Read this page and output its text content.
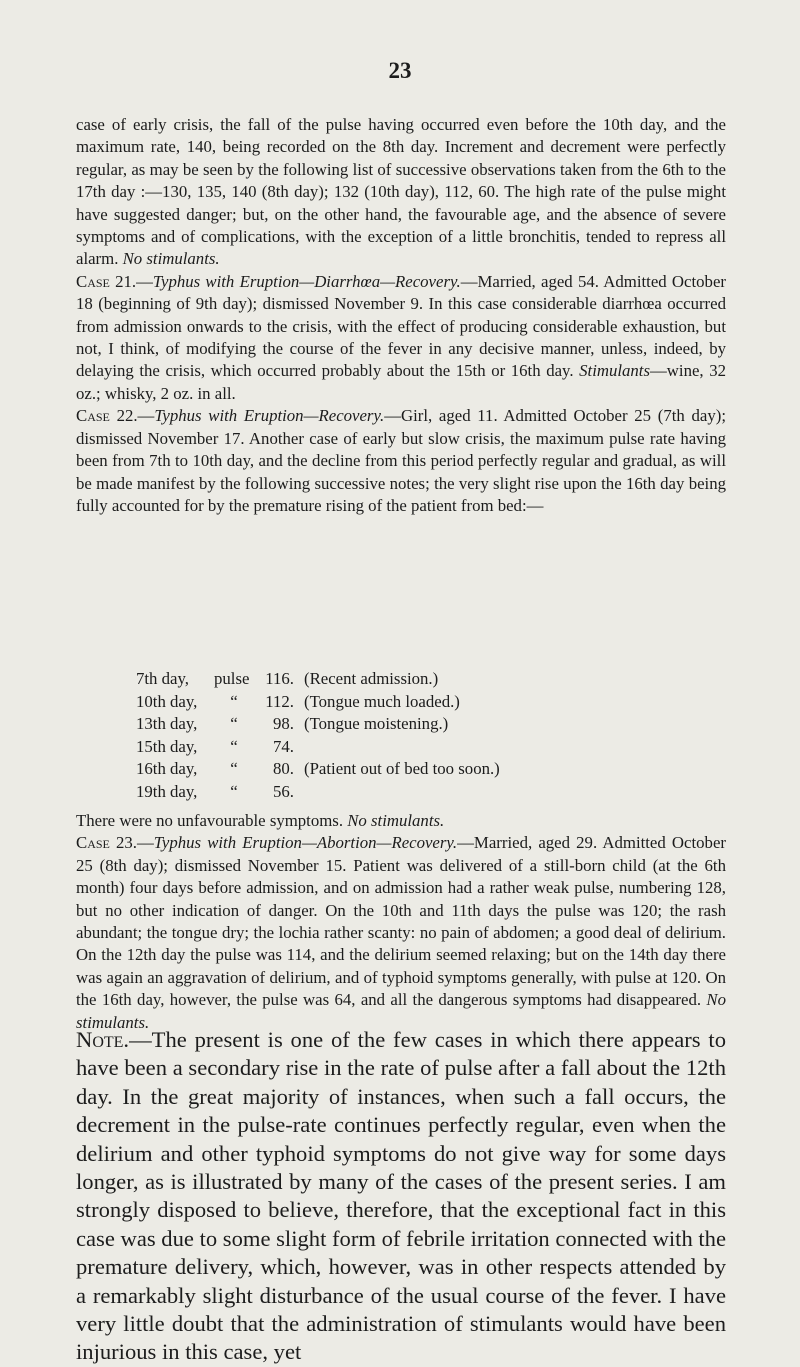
23

case of early crisis, the fall of the pulse having occurred even before the 10th day, and the maximum rate, 140, being recorded on the 8th day. Increment and decrement were perfectly regular, as may be seen by the following list of successive observations taken from the 6th to the 17th day :—130, 135, 140 (8th day); 132 (10th day), 112, 60. The high rate of the pulse might have suggested danger; but, on the other hand, the favourable age, and the absence of severe symptoms and of complications, with the exception of a little bronchitis, tended to repress all alarm. No stimulants.

Case 21.—Typhus with Eruption—Diarrhœa—Recovery.—Married, aged 54. Admitted October 18 (beginning of 9th day); dismissed November 9. In this case considerable diarrhœa occurred from admission onwards to the crisis, with the effect of producing considerable exhaustion, but not, I think, of modifying the course of the fever in any decisive manner, unless, indeed, by delaying the crisis, which occurred probably about the 15th or 16th day. Stimulants—wine, 32 oz.; whisky, 2 oz. in all.

Case 22.—Typhus with Eruption—Recovery.—Girl, aged 11. Admitted October 25 (7th day); dismissed November 17. Another case of early but slow crisis, the maximum pulse rate having been from 7th to 10th day, and the decline from this period perfectly regular and gradual, as will be made manifest by the following successive notes; the very slight rise upon the 16th day being fully accounted for by the premature rising of the patient from bed:—

7th day,	pulse 116. (Recent admission.)
10th day,	“	112. (Tongue much loaded.)
13th day,	“	98. (Tongue moistening.)
15th day,	“	74.
16th day,	“	80. (Patient out of bed too soon.)
19th day,	“	56.

There were no unfavourable symptoms. No stimulants.

Case 23.—Typhus with Eruption—Abortion—Recovery.—Married, aged 29. Admitted October 25 (8th day); dismissed November 15. Patient was delivered of a still-born child (at the 6th month) four days before admission, and on admission had a rather weak pulse, numbering 128, but no other indication of danger. On the 10th and 11th days the pulse was 120; the rash abundant; the tongue dry; the lochia rather scanty: no pain of abdomen; a good deal of delirium. On the 12th day the pulse was 114, and the delirium seemed relaxing; but on the 14th day there was again an aggravation of delirium, and of typhoid symptoms generally, with pulse at 120. On the 16th day, however, the pulse was 64, and all the dangerous symptoms had disappeared. No stimulants.

Note.—The present is one of the few cases in which there appears to have been a secondary rise in the rate of pulse after a fall about the 12th day. In the great majority of instances, when such a fall occurs, the decrement in the pulse-rate continues perfectly regular, even when the delirium and other typhoid symptoms do not give way for some days longer, as is illustrated by many of the cases of the present series. I am strongly disposed to believe, therefore, that the exceptional fact in this case was due to some slight form of febrile irritation connected with the premature delivery, which, however, was in other respects attended by a remarkably slight disturbance of the usual course of the fever. I have very little doubt that the administration of stimulants would have been injurious in this case, yet
